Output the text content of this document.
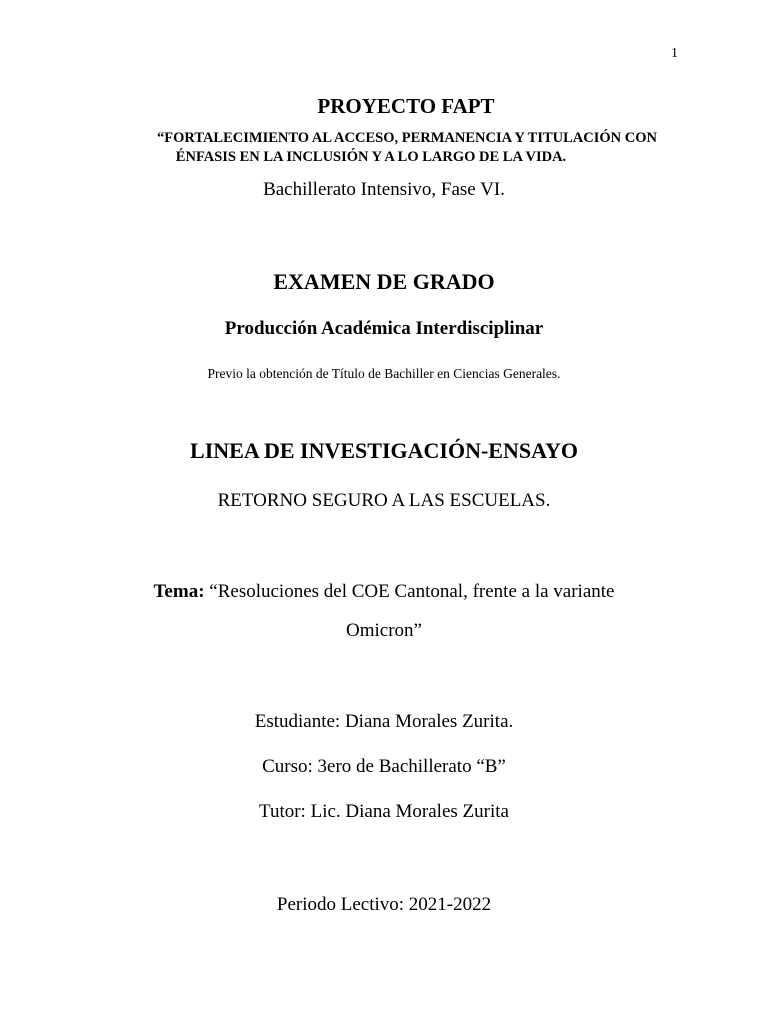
1
PROYECTO FAPT
“FORTALECIMIENTO AL ACCESO, PERMANENCIA Y TITULACIÓN CON
ÉNFASIS EN LA INCLUSIÓN Y A LO LARGO DE LA VIDA.
Bachillerato Intensivo, Fase VI.
EXAMEN DE GRADO
Producción Académica Interdisciplinar
Previo la obtención de Título de Bachiller en Ciencias Generales.
LINEA DE INVESTIGACIÓN-ENSAYO
RETORNO SEGURO A LAS ESCUELAS.
Tema: “Resoluciones del COE Cantonal, frente a la variante
Omicron”
Estudiante: Diana Morales Zurita.
Curso: 3ero de Bachillerato “B”
Tutor: Lic. Diana Morales Zurita
Periodo Lectivo: 2021-2022
